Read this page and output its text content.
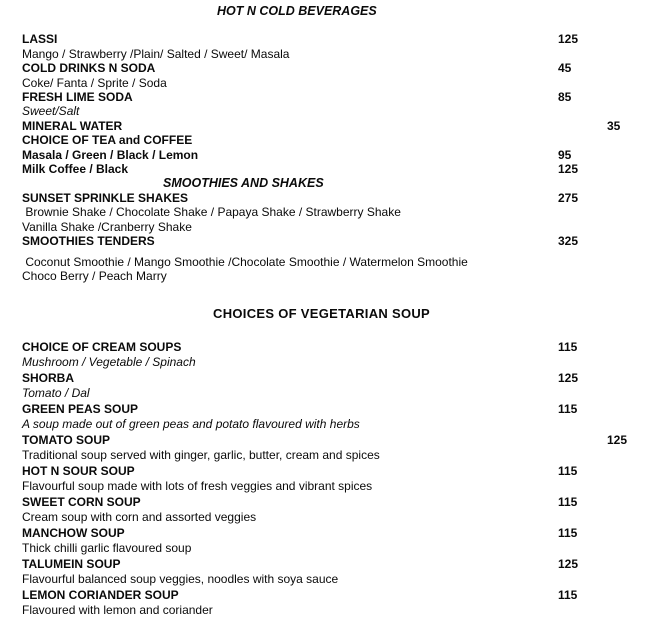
HOT N COLD BEVERAGES
LASSI	125
Mango / Strawberry /Plain/ Salted / Sweet/ Masala
COLD DRINKS N SODA	45
Coke/ Fanta / Sprite / Soda
FRESH LIME SODA	85
Sweet/Salt
MINERAL WATER	35
CHOICE OF TEA and COFFEE
Masala / Green / Black / Lemon	95
Milk Coffee / Black	125
SMOOTHIES AND SHAKES
SUNSET SPRINKLE SHAKES	275
Brownie Shake / Chocolate Shake / Papaya Shake / Strawberry Shake
Vanilla Shake /Cranberry Shake
SMOOTHIES TENDERS	325
Coconut Smoothie / Mango Smoothie /Chocolate Smoothie / Watermelon Smoothie
Choco Berry / Peach Marry
CHOICES OF VEGETARIAN SOUP
CHOICE OF CREAM SOUPS	115
Mushroom / Vegetable / Spinach
SHORBA	125
Tomato / Dal
GREEN PEAS SOUP	115
A soup made out of green peas and potato flavoured with herbs
TOMATO SOUP	125
Traditional soup served with ginger, garlic, butter, cream and spices
HOT N SOUR SOUP	115
Flavourful soup made with lots of fresh veggies and vibrant spices
SWEET CORN SOUP	115
Cream soup with corn and assorted veggies
MANCHOW SOUP	115
Thick chilli garlic flavoured soup
TALUMEIN SOUP	125
Flavourful balanced soup veggies, noodles with soya sauce
LEMON CORIANDER SOUP	115
Flavoured with lemon and coriander
